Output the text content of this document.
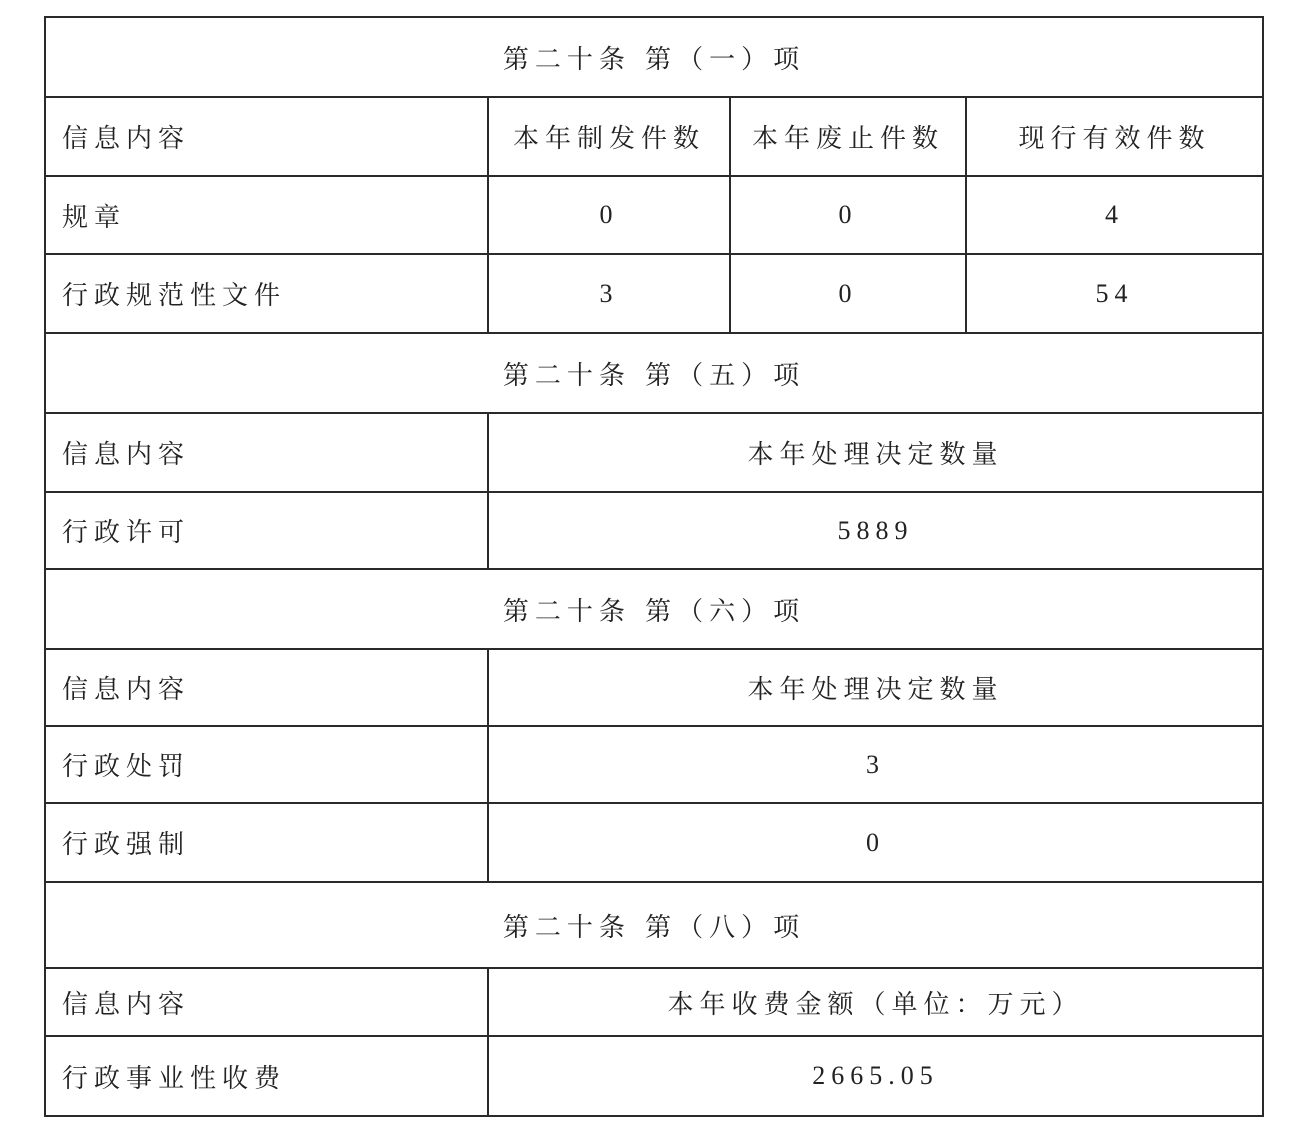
第二十条 第（一）项			
信息内容	本年制发件数	本年废止件数	现行有效件数
规章	0	0	4
行政规范性文件	3	0	54
第二十条 第（五）项			
信息内容	本年处理决定数量		
行政许可	5889		
第二十条 第（六）项			
信息内容	本年处理决定数量		
行政处罚	3		
行政强制	0		
第二十条 第（八）项			
信息内容	本年收费金额（单位：万元）		
行政事业性收费	2665.05		
